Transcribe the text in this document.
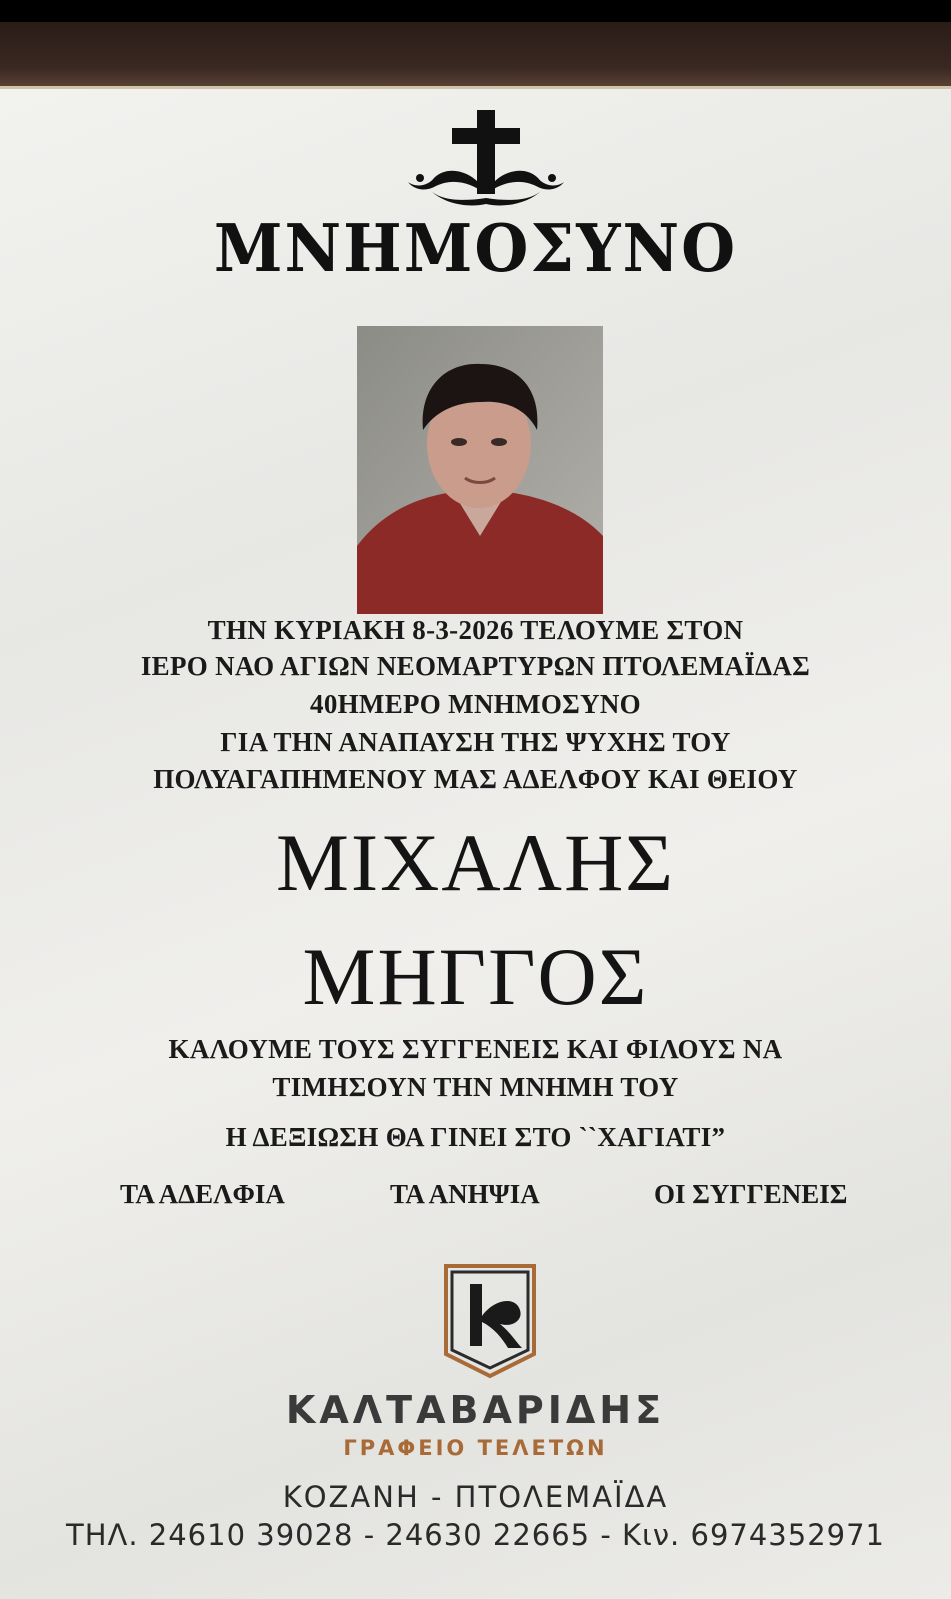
ΜΝΗΜΟΣΥΝΟ
ΤΗΝ ΚΥΡΙΑΚΗ 8-3-2026 ΤΕΛΟΥΜΕ ΣΤΟΝ
ΙΕΡΟ ΝΑΟ ΑΓΙΩΝ ΝΕΟΜΑΡΤΥΡΩΝ ΠΤΟΛΕΜΑΪΔΑΣ
40ΗΜΕΡΟ ΜΝΗΜΟΣΥΝΟ
ΓΙΑ ΤΗΝ ΑΝΑΠΑΥΣΗ ΤΗΣ ΨΥΧΗΣ ΤΟΥ
ΠΟΛΥΑΓΑΠΗΜΕΝΟΥ ΜΑΣ ΑΔΕΛΦΟΥ ΚΑΙ ΘΕΙΟΥ
ΜΙΧΑΛΗΣ
ΜΗΓΓΟΣ
ΚΑΛΟΥΜΕ ΤΟΥΣ ΣΥΓΓΕΝΕΙΣ ΚΑΙ ΦΙΛΟΥΣ ΝΑ
ΤΙΜΗΣΟΥΝ ΤΗΝ ΜΝΗΜΗ ΤΟΥ
Η ΔΕΞΙΩΣΗ ΘΑ ΓΙΝΕΙ ΣΤΟ ``ΧΑΓΙΑΤΙ”
ΤΑ ΑΔΕΛΦΙΑ	ΤΑ ΑΝΗΨΙΑ	ΟΙ ΣΥΓΓΕΝΕΙΣ
ΚΑΛΤΑΒΑΡΙΔΗΣ
ΓΡΑΦΕΙΟ ΤΕΛΕΤΩΝ
ΚΟΖΑΝΗ - ΠΤΟΛΕΜΑΪΔΑ
ΤΗΛ. 24610 39028 - 24630 22665 - Κιν. 6974352971
